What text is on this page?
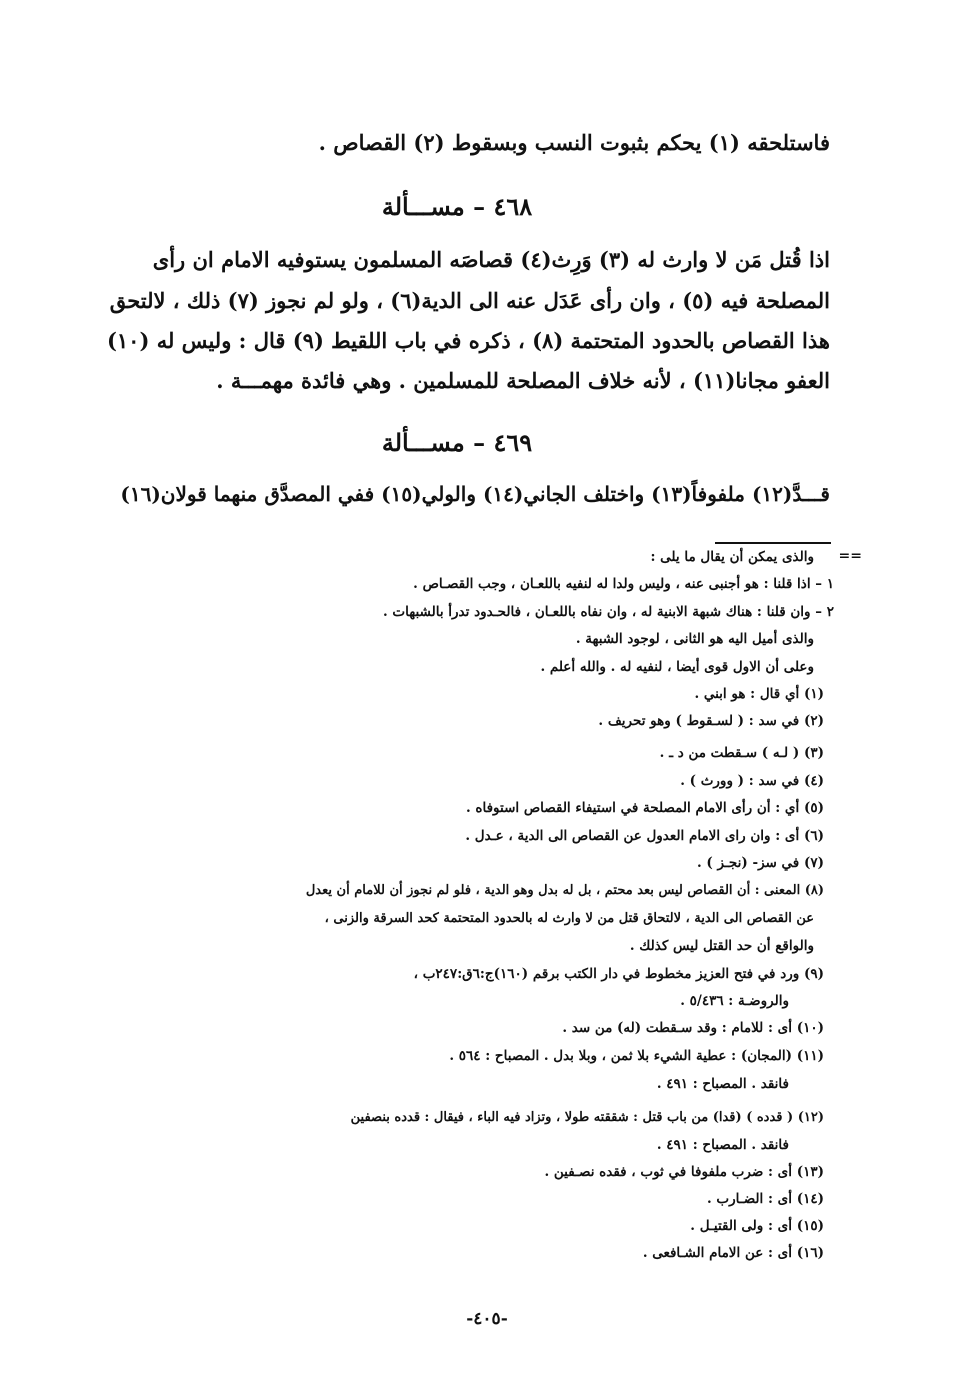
فاستلحقه (١) يحكم بثبوت النسب وبسقوط (٢) القصاص .
٤٦٨ – مســـألة
اذا قُتل مَن لا وارث له (٣) وَرِث(٤) قصاصَه المسلمون يستوفيه الامام ان رأى
المصلحة فيه (٥) ، وان رأى عَدَل عنه الى الدية(٦) ، ولو لم نجوز (٧) ذلك ، لالتحق
هذا القصاص بالحدود المتحتمة (٨) ، ذكره في باب اللقيط (٩) قال : وليس له (١٠)
العفو مجانا(١١) ، لأنه خلاف المصلحة للمسلمين . وهي فائدة مهمـــة .
٤٦٩ – مســـألة
قـــدَّ(١٢) ملفوفاً(١٣) واختلف الجاني(١٤) والولي(١٥) ففي المصدَّق منهما قولان(١٦)
==
والذى يمكن أن يقال ما يلى :
١ – اذا قلنا : هو أجنبى عنه ، وليس ولدا له لنفيه باللعـان ، وجب القصـاص .
٢ – وان قلنا : هناك شبهة الابنية له ، وان نفاه باللعـان ، فالحـدود تدرأ بالشبهات .
والذى أميل اليه هو الثانى ، لوجود الشبهة .
وعلى أن الاول قوى أيضا ، لنفيه له . والله أعلم .
(١) أي قال : هو ابني .
(٢) في سد : ( لسـقوط ) وهو تحريف .
(٣) ( لـه ) سـقطت من د ـ .
(٤) في سد : ( وورث ) .
(٥) أي : أن رأى الامام المصلحة في استيفاء القصاص استوفاه .
(٦) أى : وان راى الامام العدول عن القصاص الى الدية ، عـدل .
(٧) في سز- (نجـز ) .
(٨) المعنى : أن القصاص ليس بعد محتم ، بل له بدل وهو الدية ، فلو لم نجوز أن للامام أن يعدل
عن القصاص الى الدية ، لالتحاق قتل من لا وارث له بالحدود المتحتمة كحد السرقة والزنى ،
والواقع أن حد القتل ليس كذلك .
(٩) ورد في فتح العزيز مخطوط في دار الكتب برقم (١٦٠)ج:٦ق:٢٤٧ب ،
والروضـة : ٥/٤٣٦ .
(١٠) أى : للامام : وقد سـقطت (له) من سد .
(١١) (المجان) : عطية الشيء بلا ثمن ، وبلا بدل . المصباح : ٥٦٤ .
فانقد . المصباح : ٤٩١ .
(١٢) ( قدده ) (قدا) من باب قتل : شققته طولا ، وتزاد فيه الباء ، فيقال : قدده بنصفين
فانقد . المصباح : ٤٩١ .
(١٣) أى : ضرب ملفوفا في ثوب ، فقده نصـفين .
(١٤) أى : الضـارب .
(١٥) أى : ولى القتيـل .
(١٦) أى : عن الامام الشـافعى .
-٤٠٥-
